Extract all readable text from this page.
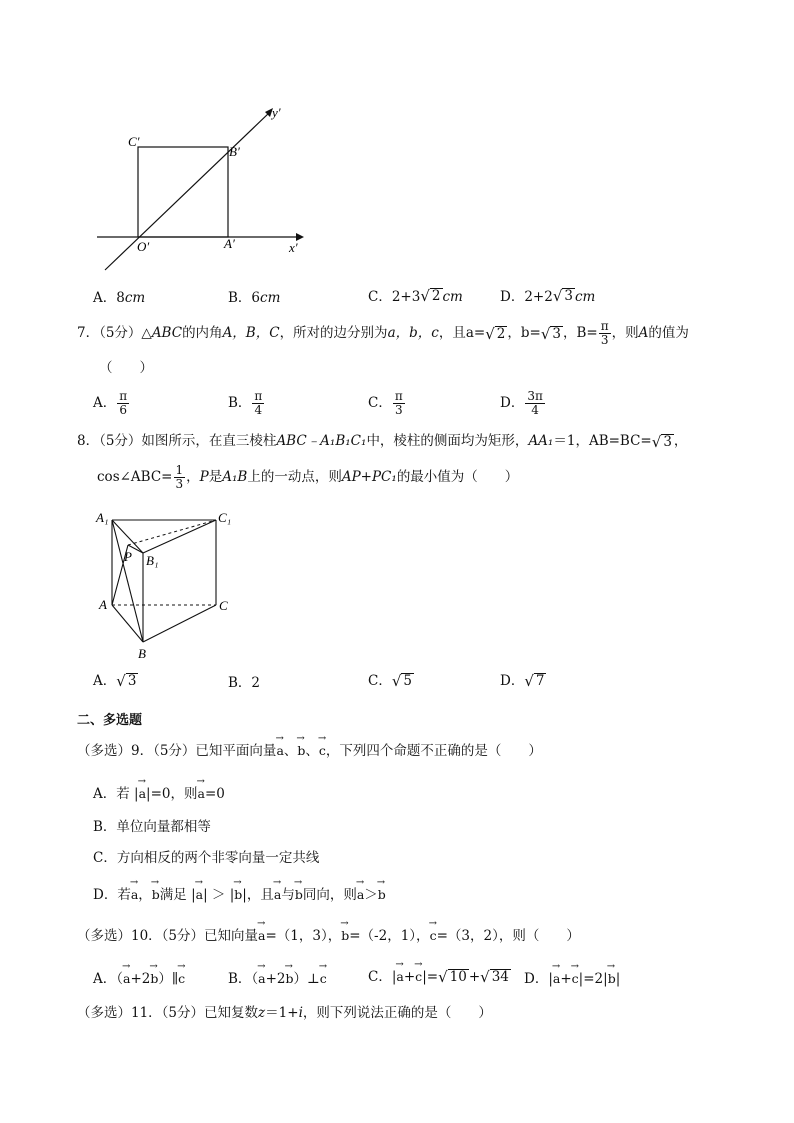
y′
x′
C′
B′
O′	A′
A．8cm	B．6cm	C．2+3 √ 2 cm	D．2+2 √ 3 cm
7．（5分）△ ABC 的内角 A，B，C ，所对的边分别为 a，b，c ，且 a= √ 2 ，b= √ 3 ，$B= \frac{\pi}{3}$ ，则 A 的值为
（　　）
A． $\frac{\pi}{6}$	B． $\frac{\pi}{4}$	C． $\frac{\pi}{3}$	D． $\frac{3\pi}{4}$
8．（5分）如图所示，在直三棱柱 ABC﹣A₁B₁C₁ 中，棱柱的侧面均为矩形， AA₁ ＝1，AB=BC= √ 3 ，
cos∠ABC= $\frac{1}{3}$ ， P 是 A₁B 上的一动点，则 AP+PC₁ 的最小值为（　　）
A₁	C₁
P B₁
A	C
B
A． √ 3	B．2	C． √ 5	D． √ 7
二、多选题
（多选）9．（5分）已知平面向量→ a、→ b、→ c，下列四个命题不正确的是（　　）
A．若 |→ a|=0，则→ a=0
B．单位向量都相等
C．方向相反的两个非零向量一定共线
D．若→ a，→ b满足 |→ a| ＞ |→ b|，且→ a与→ b同向，则→ a＞→ b
（多选）10．（5分）已知向量→ a=（1，3），→ b=（-2，1），→ c=（3，2），则（　　）
A．（→ a+2→ b）∥→ c	B．（→ a+2→ b）⊥→ c	C． |→ a+→ c|= √ 10 + √ 34 D．|→ a+→ c|=2|→ b|
（多选）11．（5分）已知复数z＝1+i，则下列说法正确的是（　　）
